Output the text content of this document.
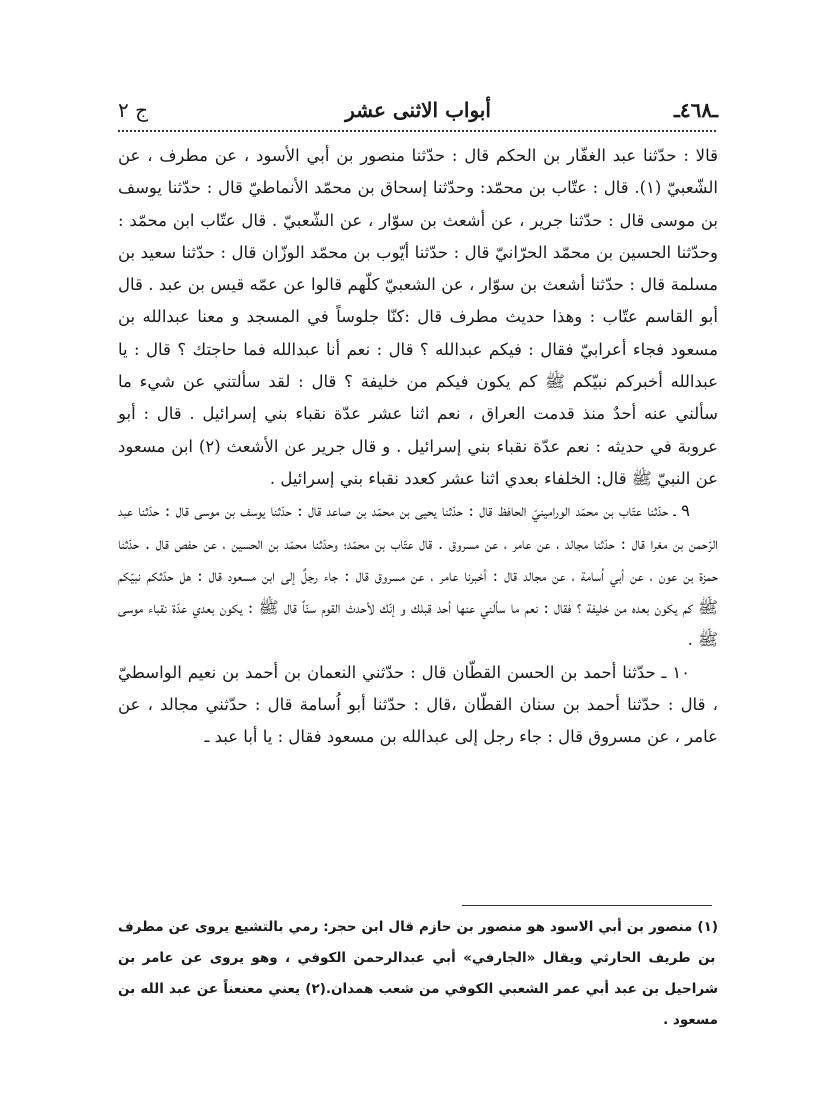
ـ٤٦٨ـ
أبواب الاثنى عشر
ج ٢

قالا : حدّثنا عبد الغفّار بن الحكم قال : حدّثنا منصور بن أبي الأسود ، عن مطرف ، عن الشّعبيّ (١). قال : عتّاب بن محمّد: وحدّثنا إسحاق بن محمّد الأنماطيّ قال : حدّثنا يوسف بن موسى قال : حدّثنا جرير ، عن أشعث بن سوّار ، عن الشّعبيّ . قال عتّاب ابن محمّد : وحدّثنا الحسين بن محمّد الحرّانيّ قال : حدّثنا أيّوب بن محمّد الوزّان قال : حدّثنا سعيد بن مسلمة قال : حدّثنا أشعث بن سوّار ، عن الشعبيّ كلّهم قالوا عن عمّه قيس بن عبد . قال أبو القاسم عتّاب : وهذا حديث مطرف قال :كنّا جلوساً في المسجد و معنا عبدالله بن مسعود فجاء أعرابيّ فقال : فيكم عبدالله ؟ قال : نعم أنا عبدالله فما حاجتك ؟ قال : يا عبدالله أخبركم نبيّكم ﷺ كم يكون فيكم من خليفة ؟ قال : لقد سألتني عن شيء ما سألني عنه أحدٌ منذ قدمت العراق ، نعم اثنا عشر عدّة نقباء بني إسرائيل . قال : أبو عروبة في حديثه : نعم عدّة نقباء بني إسرائيل . و قال جرير عن الأشعث (٢) ابن مسعود عن النبيّ ﷺ قال: الخلفاء بعدي اثنا عشر كعدد نقباء بني إسرائيل .

٩ ـ حدّثنا عتّاب بن محمّد الورامينيّ الحافظ قال : حدّثنا يحيى بن محمّد بن صاعد قال : حدّثنا يوسف بن موسى قال : حدّثنا عبد الرّحمن بن مغرا قال : حدّثنا مجالد ، عن عامر ، عن مسروق . قال عتّاب بن محمّد؛ وحدّثنا محمّد بن الحسين ، عن حفص قال . حدّثنا حمزة بن عون ، عن أبي اُسامة ، عن مجالد قال : أخبرنا عامر ، عن مسروق قال : جاء رجلٌ إلى ابن مسعود قال : هل حدّثكم نبيّكم ﷺ كم يكون بعده من خليفة ؟ فقال : نعم ما سألني عنها أحد قبلك و إنّك لأحدث القوم سنّاً قال ﷺ : يكون بعدي عدّة نقباء موسى ﷺ .

١٠ ـ حدّثنا أحمد بن الحسن القطّان قال : حدّثني النعمان بن أحمد بن نعيم الواسطيّ ، قال : حدّثنا أحمد بن سنان القطّان ،قال : حدّثنا أبو اُسامة قال : حدّثني مجالد ، عن عامر ، عن مسروق قال : جاء رجل إلى عبدالله بن مسعود فقال : يا أبا عبد ـ

(١) منصور بن أبي الاسود هو منصور بن حازم قال ابن حجر: رمي بالتشيع يروى عن مطرف بن طريف الحارثي ويقال «الجارفي» أبي عبدالرحمن الكوفي ، وهو يروى عن عامر بن شراحيل بن عبد أبي عمر الشعبي الكوفي من شعب همدان.(٢) يعني معنعناً عن عبد الله بن مسعود .
